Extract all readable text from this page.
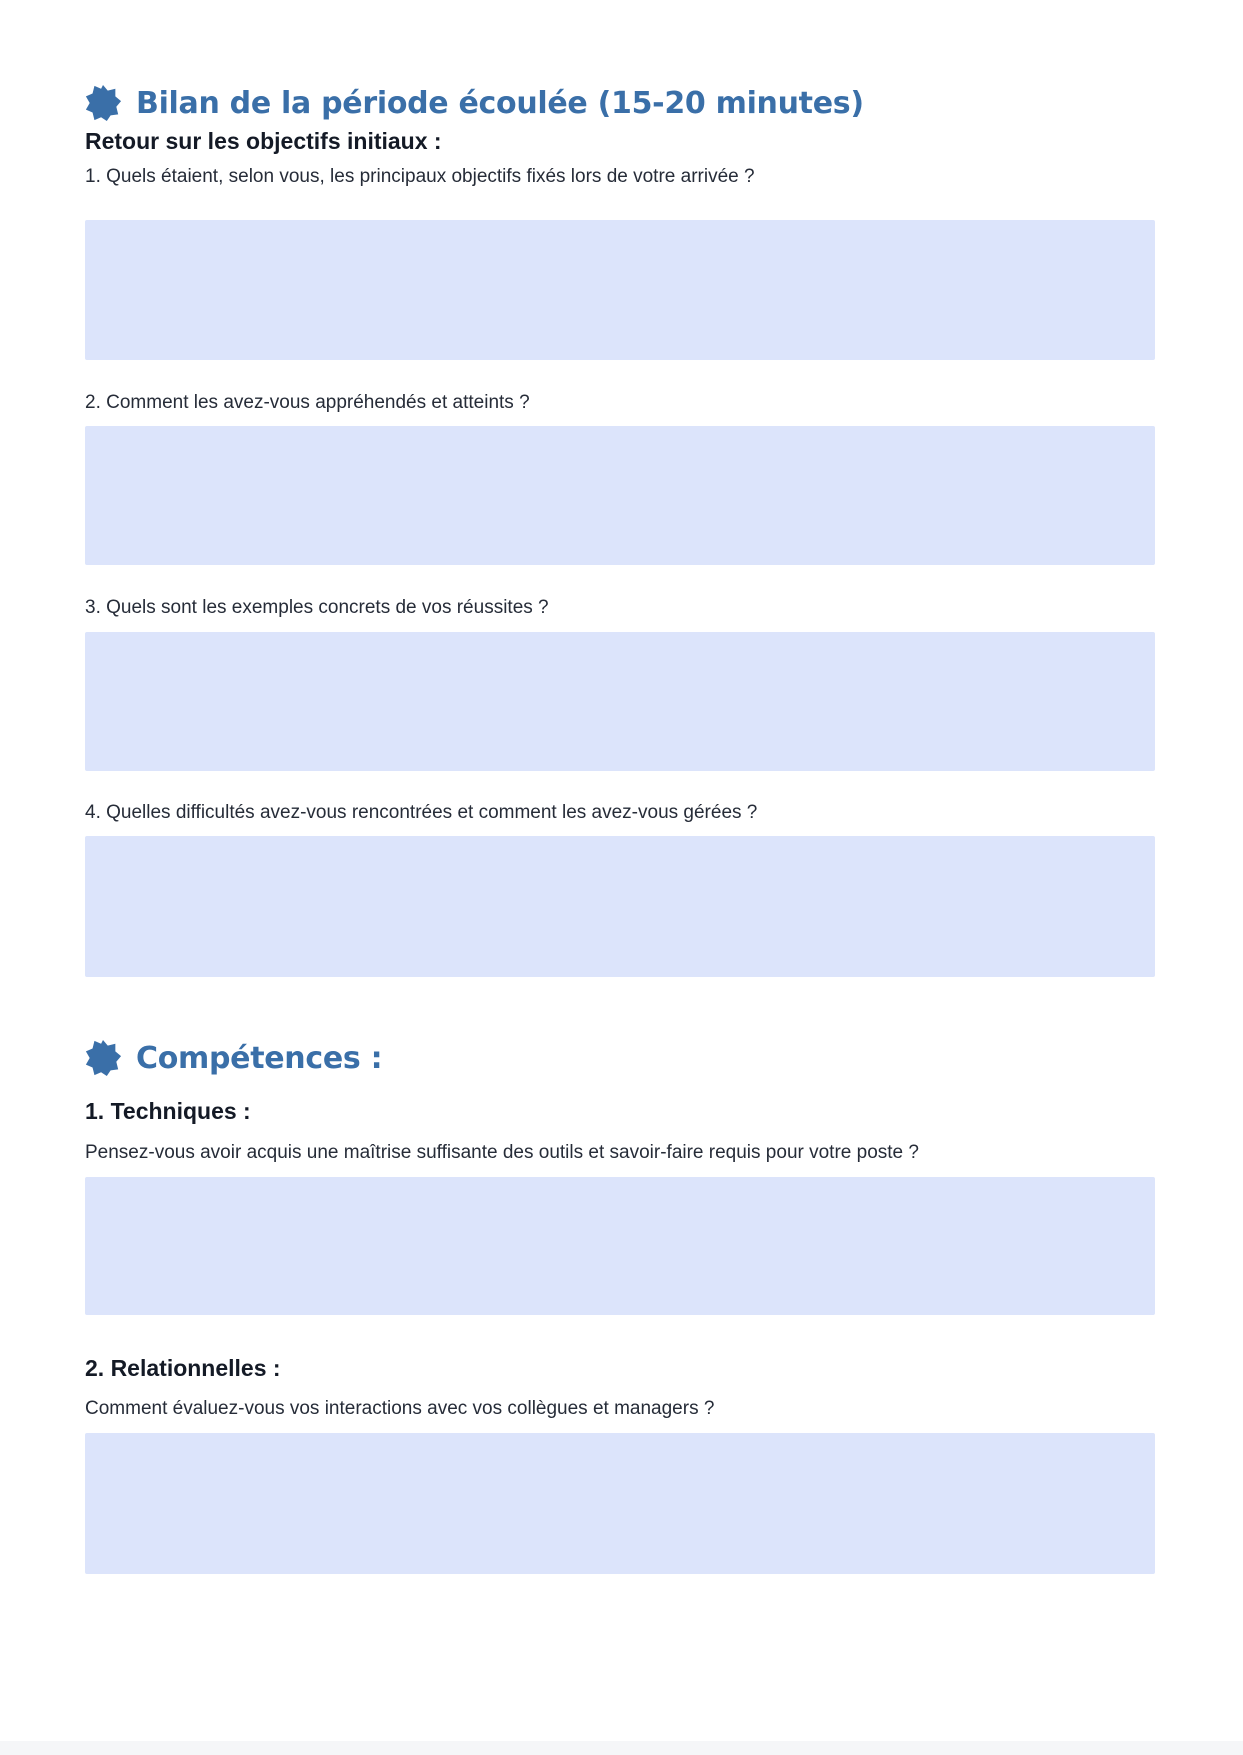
Bilan de la période écoulée (15-20 minutes)
Retour sur les objectifs initiaux :
1. Quels étaient, selon vous, les principaux objectifs fixés lors de votre arrivée ?
2. Comment les avez-vous appréhendés et atteints ?
3. Quels sont les exemples concrets de vos réussites ?
4. Quelles difficultés avez-vous rencontrées et comment les avez-vous gérées ?
Compétences :
1. Techniques :
Pensez-vous avoir acquis une maîtrise suffisante des outils et savoir-faire requis pour votre poste ?
2. Relationnelles :
Comment évaluez-vous vos interactions avec vos collègues et managers ?
